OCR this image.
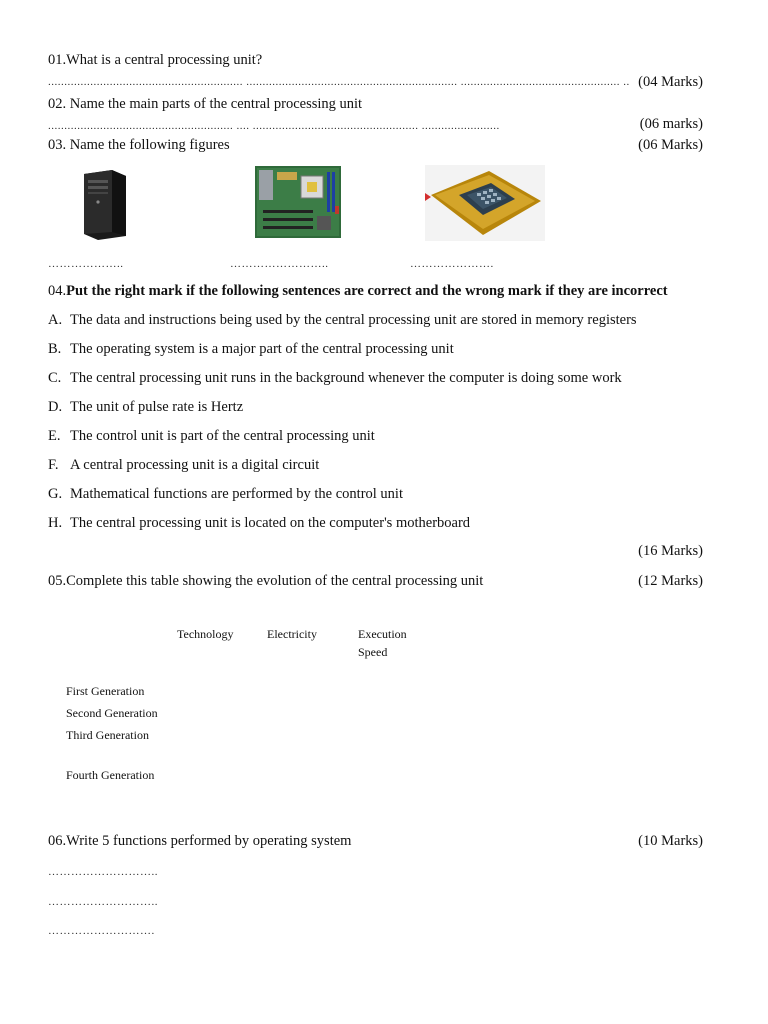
01.What is a central processing unit?
............................................................ ................................................................. ................................................. .. (04 Marks)
02. Name the main parts of the central processing unit
......................................................... .... ................................................... ........................	(06 marks)
03. Name the following figures	(06 Marks)
………………..	……………………..	………………….
04.Put the right mark if the following sentences are correct and the wrong mark if they are incorrect
A. The data and instructions being used by the central processing unit are stored in memory registers
B. The operating system is a major part of the central processing unit
C. The central processing unit runs in the background whenever the computer is doing some work
D. The unit of pulse rate is Hertz
E. The control unit is part of the central processing unit
F. A central processing unit is a digital circuit
G. Mathematical functions are performed by the control unit
H. The central processing unit is located on the computer's motherboard
(16 Marks)
05.Complete this table showing the evolution of the central processing unit	(12 Marks)
Technology	Electricity	Execution
Speed
First Generation
Second Generation
Third Generation
Fourth Generation
06.Write 5 functions performed by operating system	(10 Marks)
………………………..
………………………..
……………………….
